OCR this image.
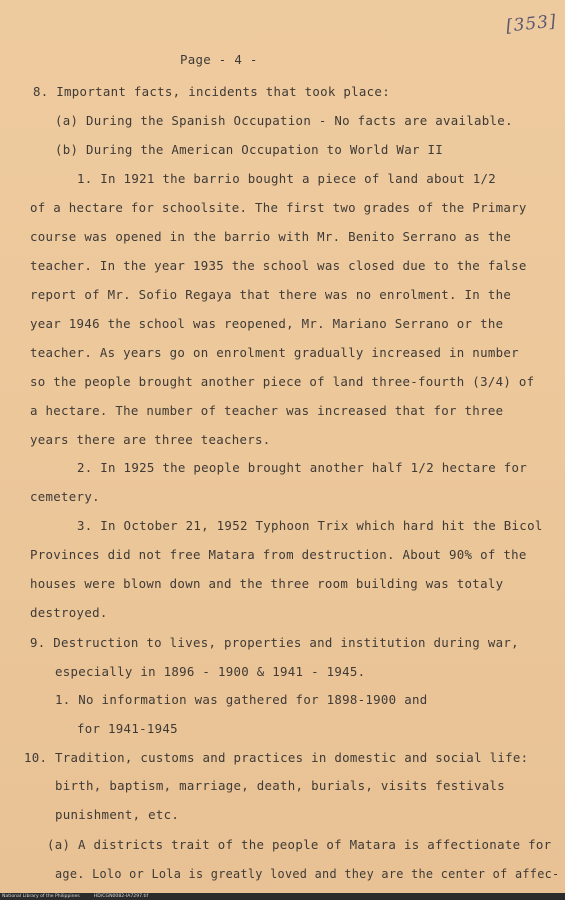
[353]
Page - 4 -
8. Important facts, incidents that took place:
(a) During the Spanish Occupation - No facts are available.
(b) During the American Occupation to World War II
1. In 1921 the barrio bought a piece of land about 1/2
of a hectare for schoolsite. The first two grades of the Primary
course was opened in the barrio with Mr. Benito Serrano as the
teacher. In the year 1935 the school was closed due to the false
report of Mr. Sofio Regaya that there was no enrolment. In the
year 1946 the school was reopened, Mr. Mariano Serrano or the
teacher. As years go on enrolment gradually increased in number
so the people brought another piece of land three-fourth (3/4) of
a hectare. The number of teacher was increased that for three
years there are three teachers.
2. In 1925 the people brought another half 1/2 hectare for
cemetery.
3. In October 21, 1952 Typhoon Trix which hard hit the Bicol
Provinces did not free Matara from destruction. About 90% of the
houses were blown down and the three room building was totaly
destroyed.
9. Destruction to lives, properties and institution during war,
especially in 1896 - 1900 & 1941 - 1945.
1. No information was gathered for 1898-1900 and
for 1941-1945
10. Tradition, customs and practices in domestic and social life:
birth, baptism, marriage, death, burials, visits festivals
punishment, etc.
(a) A districts trait of the people of Matara is affectionate for
age. Lolo or Lola is greatly loved and they are the center of affec-
National Library of the Philippines	HD/CGN0082-IA7297.tif
